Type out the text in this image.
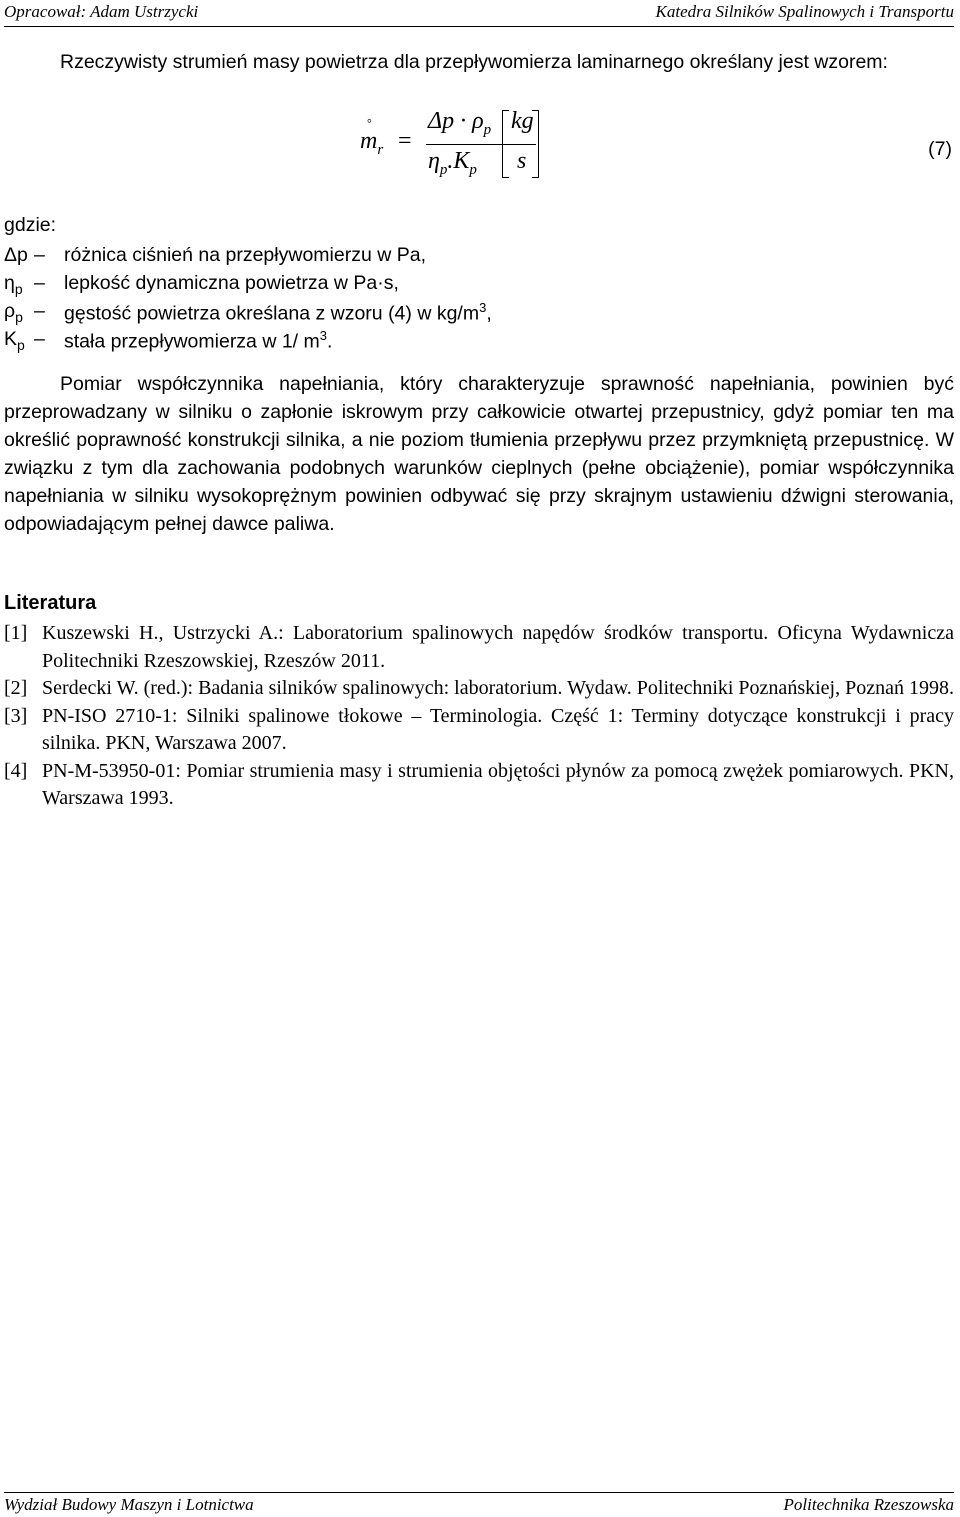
Opracował: Adam Ustrzycki	Katedra Silników Spalinowych i Transportu
Rzeczywisty strumień masy powietrza dla przepływomierza laminarnego określany jest wzorem:
°
$m_r$ =
$\Delta p \cdot \rho_p$
$\eta_p.K_p$
kg
s	(7)
gdzie:
Δp – różnica ciśnień na przepływomierzu w Pa,
$\eta_p$ – lepkość dynamiczna powietrza w Pa·s,
$\rho_p$ – gęstość powietrza określana z wzoru (4) w $kg/m^3$,
$K_p$ – stała przepływomierza w 1/ $m^3$.

Pomiar współczynnika napełniania, który charakteryzuje sprawność napełniania, powinien być przeprowadzany w silniku o zapłonie iskrowym przy całkowicie otwartej przepustnicy, gdyż pomiar ten ma określić poprawność konstrukcji silnika, a nie poziom tłumienia przepływu przez przymkniętą przepustnicę. W związku z tym dla zachowania podobnych warunków cieplnych (pełne obciążenie), pomiar współczynnika napełniania w silniku wysokoprężnym powinien odbywać się przy skrajnym ustawieniu dźwigni sterowania, odpowiadającym pełnej dawce paliwa.

Literatura
[1] Kuszewski H., Ustrzycki A.: Laboratorium spalinowych napędów środków transportu. Oficyna Wydawnicza Politechniki Rzeszowskiej, Rzeszów 2011.
[2] Serdecki W. (red.): Badania silników spalinowych: laboratorium. Wydaw. Politechniki Poznańskiej, Poznań 1998.
[3] PN-ISO 2710-1: Silniki spalinowe tłokowe – Terminologia. Część 1: Terminy dotyczące konstrukcji i pracy silnika. PKN, Warszawa 2007.
[4] PN-M-53950-01: Pomiar strumienia masy i strumienia objętości płynów za pomocą zwężek pomiarowych. PKN, Warszawa 1993.
Wydział Budowy Maszyn i Lotnictwa	Politechnika Rzeszowska
